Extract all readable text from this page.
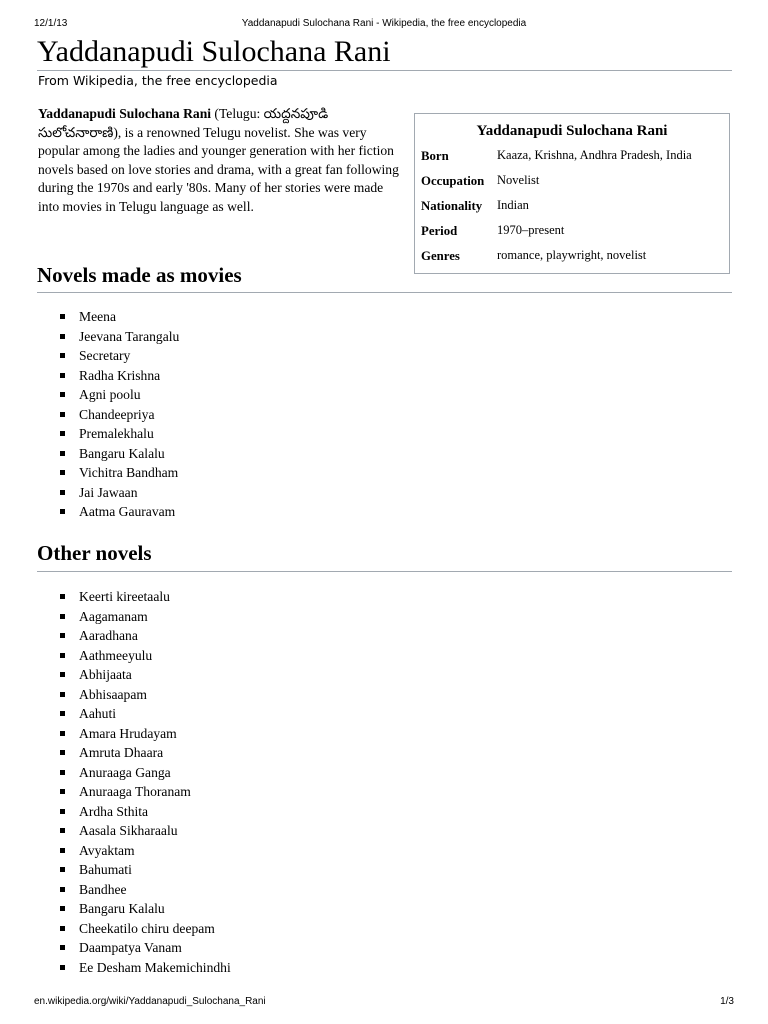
12/1/13	Yaddanapudi Sulochana Rani - Wikipedia, the free encyclopedia
Yaddanapudi Sulochana Rani
From Wikipedia, the free encyclopedia

Yaddanapudi Sulochana Rani (Telugu: యద్దనపూడి సులోచనారాణి), is a renowned Telugu novelist. She was very popular among the ladies and younger generation with her fiction novels based on love stories and drama, with a great fan following during the 1970s and early '80s. Many of her stories were made into movies in Telugu language as well.

Yaddanapudi Sulochana Rani
Born	Kaaza, Krishna, Andhra Pradesh, India
Occupation Novelist
Nationality Indian
Period	1970–present
Genres	romance, playwright, novelist
Novels made as movies
Meena
Jeevana Tarangalu
Secretary
Radha Krishna
Agni poolu
Chandeepriya
Premalekhalu
Bangaru Kalalu
Vichitra Bandham
Jai Jawaan
Aatma Gauravam
Other novels
Keerti kireetaalu
Aagamanam
Aaradhana
Aathmeeyulu
Abhijaata
Abhisaapam
Aahuti
Amara Hrudayam
Amruta Dhaara
Anuraaga Ganga
Anuraaga Thoranam
Ardha Sthita
Aasala Sikharaalu
Avyaktam
Bahumati
Bandhee
Bangaru Kalalu
Cheekatilo chiru deepam
Daampatya Vanam
Ee Desham Makemichindhi
en.wikipedia.org/wiki/Yaddanapudi_Sulochana_Rani	1/3
